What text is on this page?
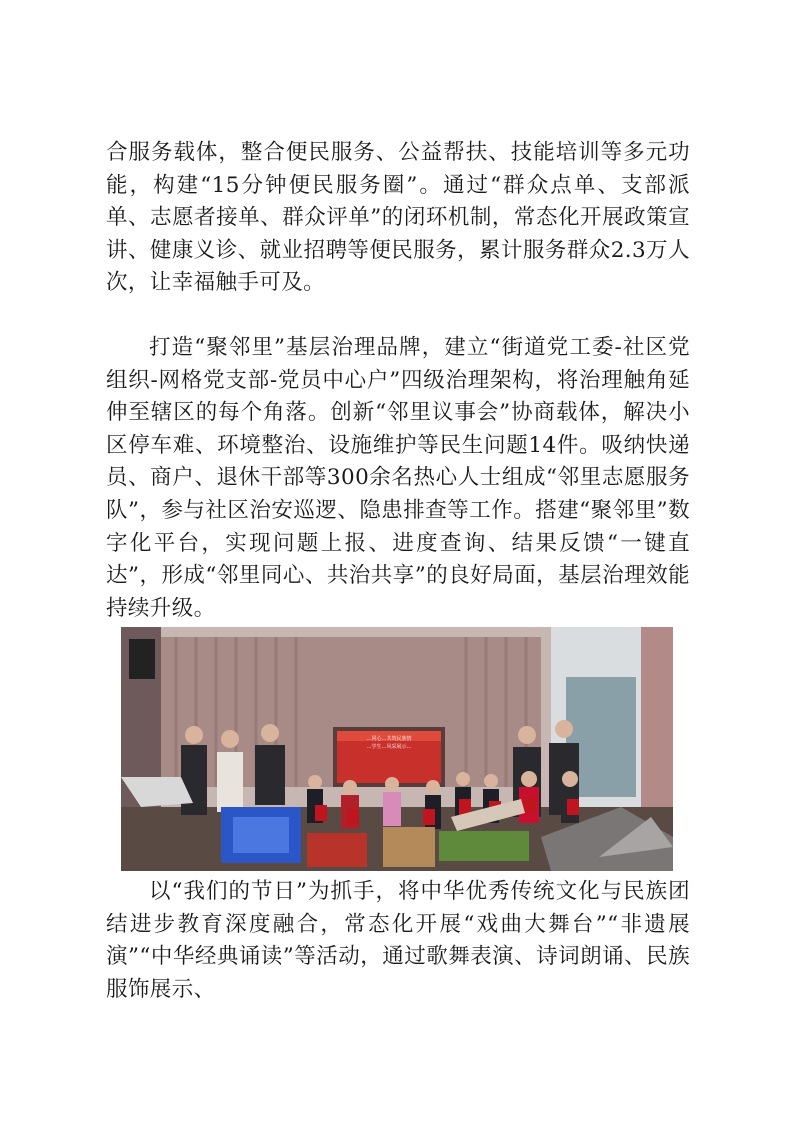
合服务载体，整合便民服务、公益帮扶、技能培训等多元功能，构建“15分钟便民服务圈”。通过“群众点单、支部派单、志愿者接单、群众评单”的闭环机制，常态化开展政策宣讲、健康义诊、就业招聘等便民服务，累计服务群众2.3万人次，让幸福触手可及。

打造“聚邻里”基层治理品牌，建立“街道党工委-社区党组织-网格党支部-党员中心户”四级治理架构，将治理触角延伸至辖区的每个角落。创新“邻里议事会”协商载体，解决小区停车难、环境整治、设施维护等民生问题14件。吸纳快递员、商户、退休干部等300余名热心人士组成“邻里志愿服务队”，参与社区治安巡逻、隐患排查等工作。搭建“聚邻里”数字化平台，实现问题上报、进度查询、结果反馈“一键直达”，形成“邻里同心、共治共享”的良好局面，基层治理效能持续升级。

…同心…共筑民族情
…学生…风采展示…

以“我们的节日”为抓手，将中华优秀传统文化与民族团结进步教育深度融合，常态化开展“戏曲大舞台”“非遗展演”“中华经典诵读”等活动，通过歌舞表演、诗词朗诵、民族服饰展示、
